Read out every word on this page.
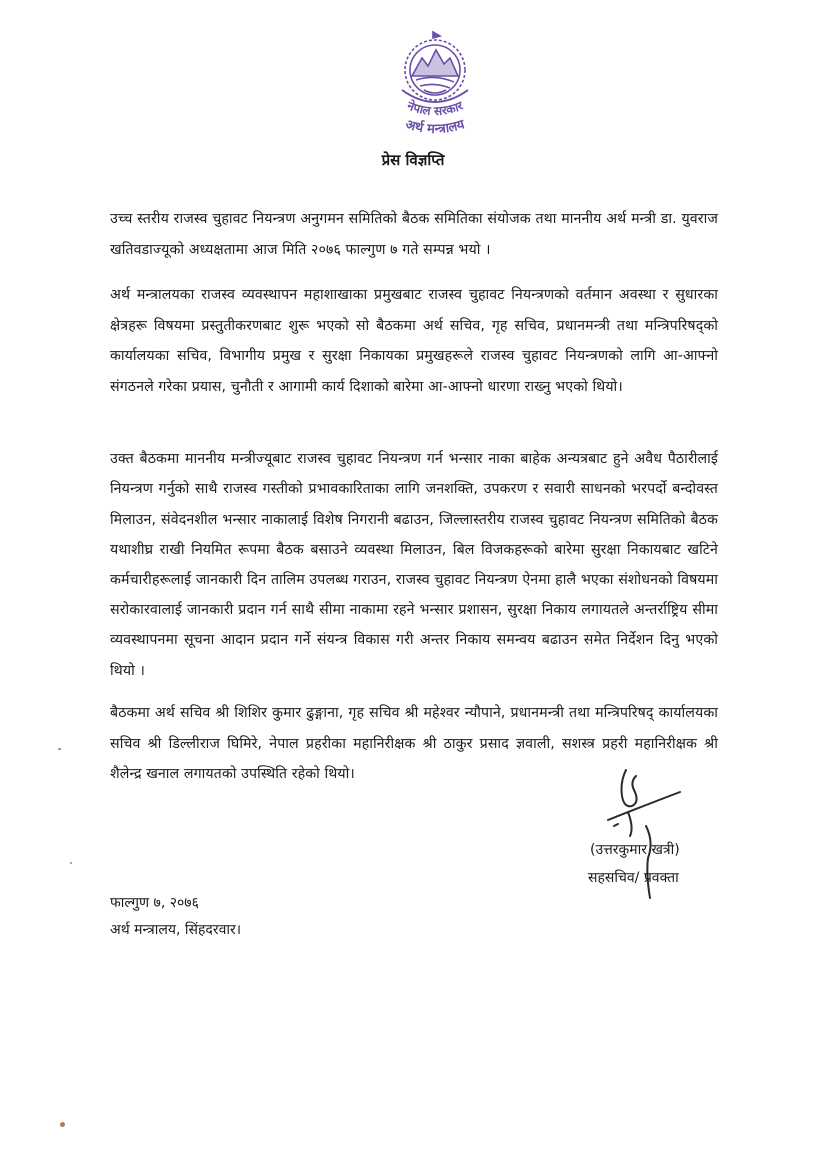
नेपाल सरकार
अर्थ मन्त्रालय
प्रेस विज्ञप्ति

उच्च स्तरीय राजस्व चुहावट नियन्त्रण अनुगमन समितिको बैठक समितिका संयोजक तथा माननीय अर्थ मन्त्री डा. युवराज खतिवडाज्यूको अध्यक्षतामा आज मिति २०७६ फाल्गुण ७ गते सम्पन्न भयो ।

अर्थ मन्त्रालयका राजस्व व्यवस्थापन महाशाखाका प्रमुखबाट राजस्व चुहावट नियन्त्रणको वर्तमान अवस्था र सुधारका क्षेत्रहरू विषयमा प्रस्तुतीकरणबाट शुरू भएको सो बैठकमा अर्थ सचिव, गृह सचिव, प्रधानमन्त्री तथा मन्त्रिपरिषद्को कार्यालयका सचिव, विभागीय प्रमुख र सुरक्षा निकायका प्रमुखहरूले राजस्व चुहावट नियन्त्रणको लागि आ-आफ्नो संगठनले गरेका प्रयास, चुनौती र आगामी कार्य दिशाको बारेमा आ-आफ्नो धारणा राख्नु भएको थियो।

उक्त बैठकमा माननीय मन्त्रीज्यूबाट राजस्व चुहावट नियन्त्रण गर्न भन्सार नाका बाहेक अन्यत्रबाट हुने अवैध पैठारीलाई नियन्त्रण गर्नुको साथै राजस्व गस्तीको प्रभावकारिताका लागि जनशक्ति, उपकरण र सवारी साधनको भरपर्दो बन्दोवस्त मिलाउन, संवेदनशील भन्सार नाकालाई विशेष निगरानी बढाउन, जिल्लास्तरीय राजस्व चुहावट नियन्त्रण समितिको बैठक यथाशीघ्र राखी नियमित रूपमा बैठक बसाउने व्यवस्था मिलाउन, बिल विजकहरूको बारेमा सुरक्षा निकायबाट खटिने कर्मचारीहरूलाई जानकारी दिन तालिम उपलब्ध गराउन, राजस्व चुहावट नियन्त्रण ऐनमा हालै भएका संशोधनको विषयमा सरोकारवालाई जानकारी प्रदान गर्न साथै सीमा नाकामा रहने भन्सार प्रशासन, सुरक्षा निकाय लगायतले अन्तर्राष्ट्रिय सीमा व्यवस्थापनमा सूचना आदान प्रदान गर्ने संयन्त्र विकास गरी अन्तर निकाय समन्वय बढाउन समेत निर्देशन दिनु भएको थियो ।

बैठकमा अर्थ सचिव श्री शिशिर कुमार ढुङ्गाना, गृह सचिव श्री महेश्वर न्यौपाने, प्रधानमन्त्री तथा मन्त्रिपरिषद् कार्यालयका सचिव श्री डिल्लीराज घिमिरे, नेपाल प्रहरीका महानिरीक्षक श्री ठाकुर प्रसाद ज्ञवाली, सशस्त्र प्रहरी महानिरीक्षक श्री शैलेन्द्र खनाल लगायतको उपस्थिति रहेको थियो।

(उत्तरकुमार खत्री)
सहसचिव/ प्रवक्ता
फाल्गुण ७, २०७६
अर्थ मन्त्रालय, सिंहदरवार।
